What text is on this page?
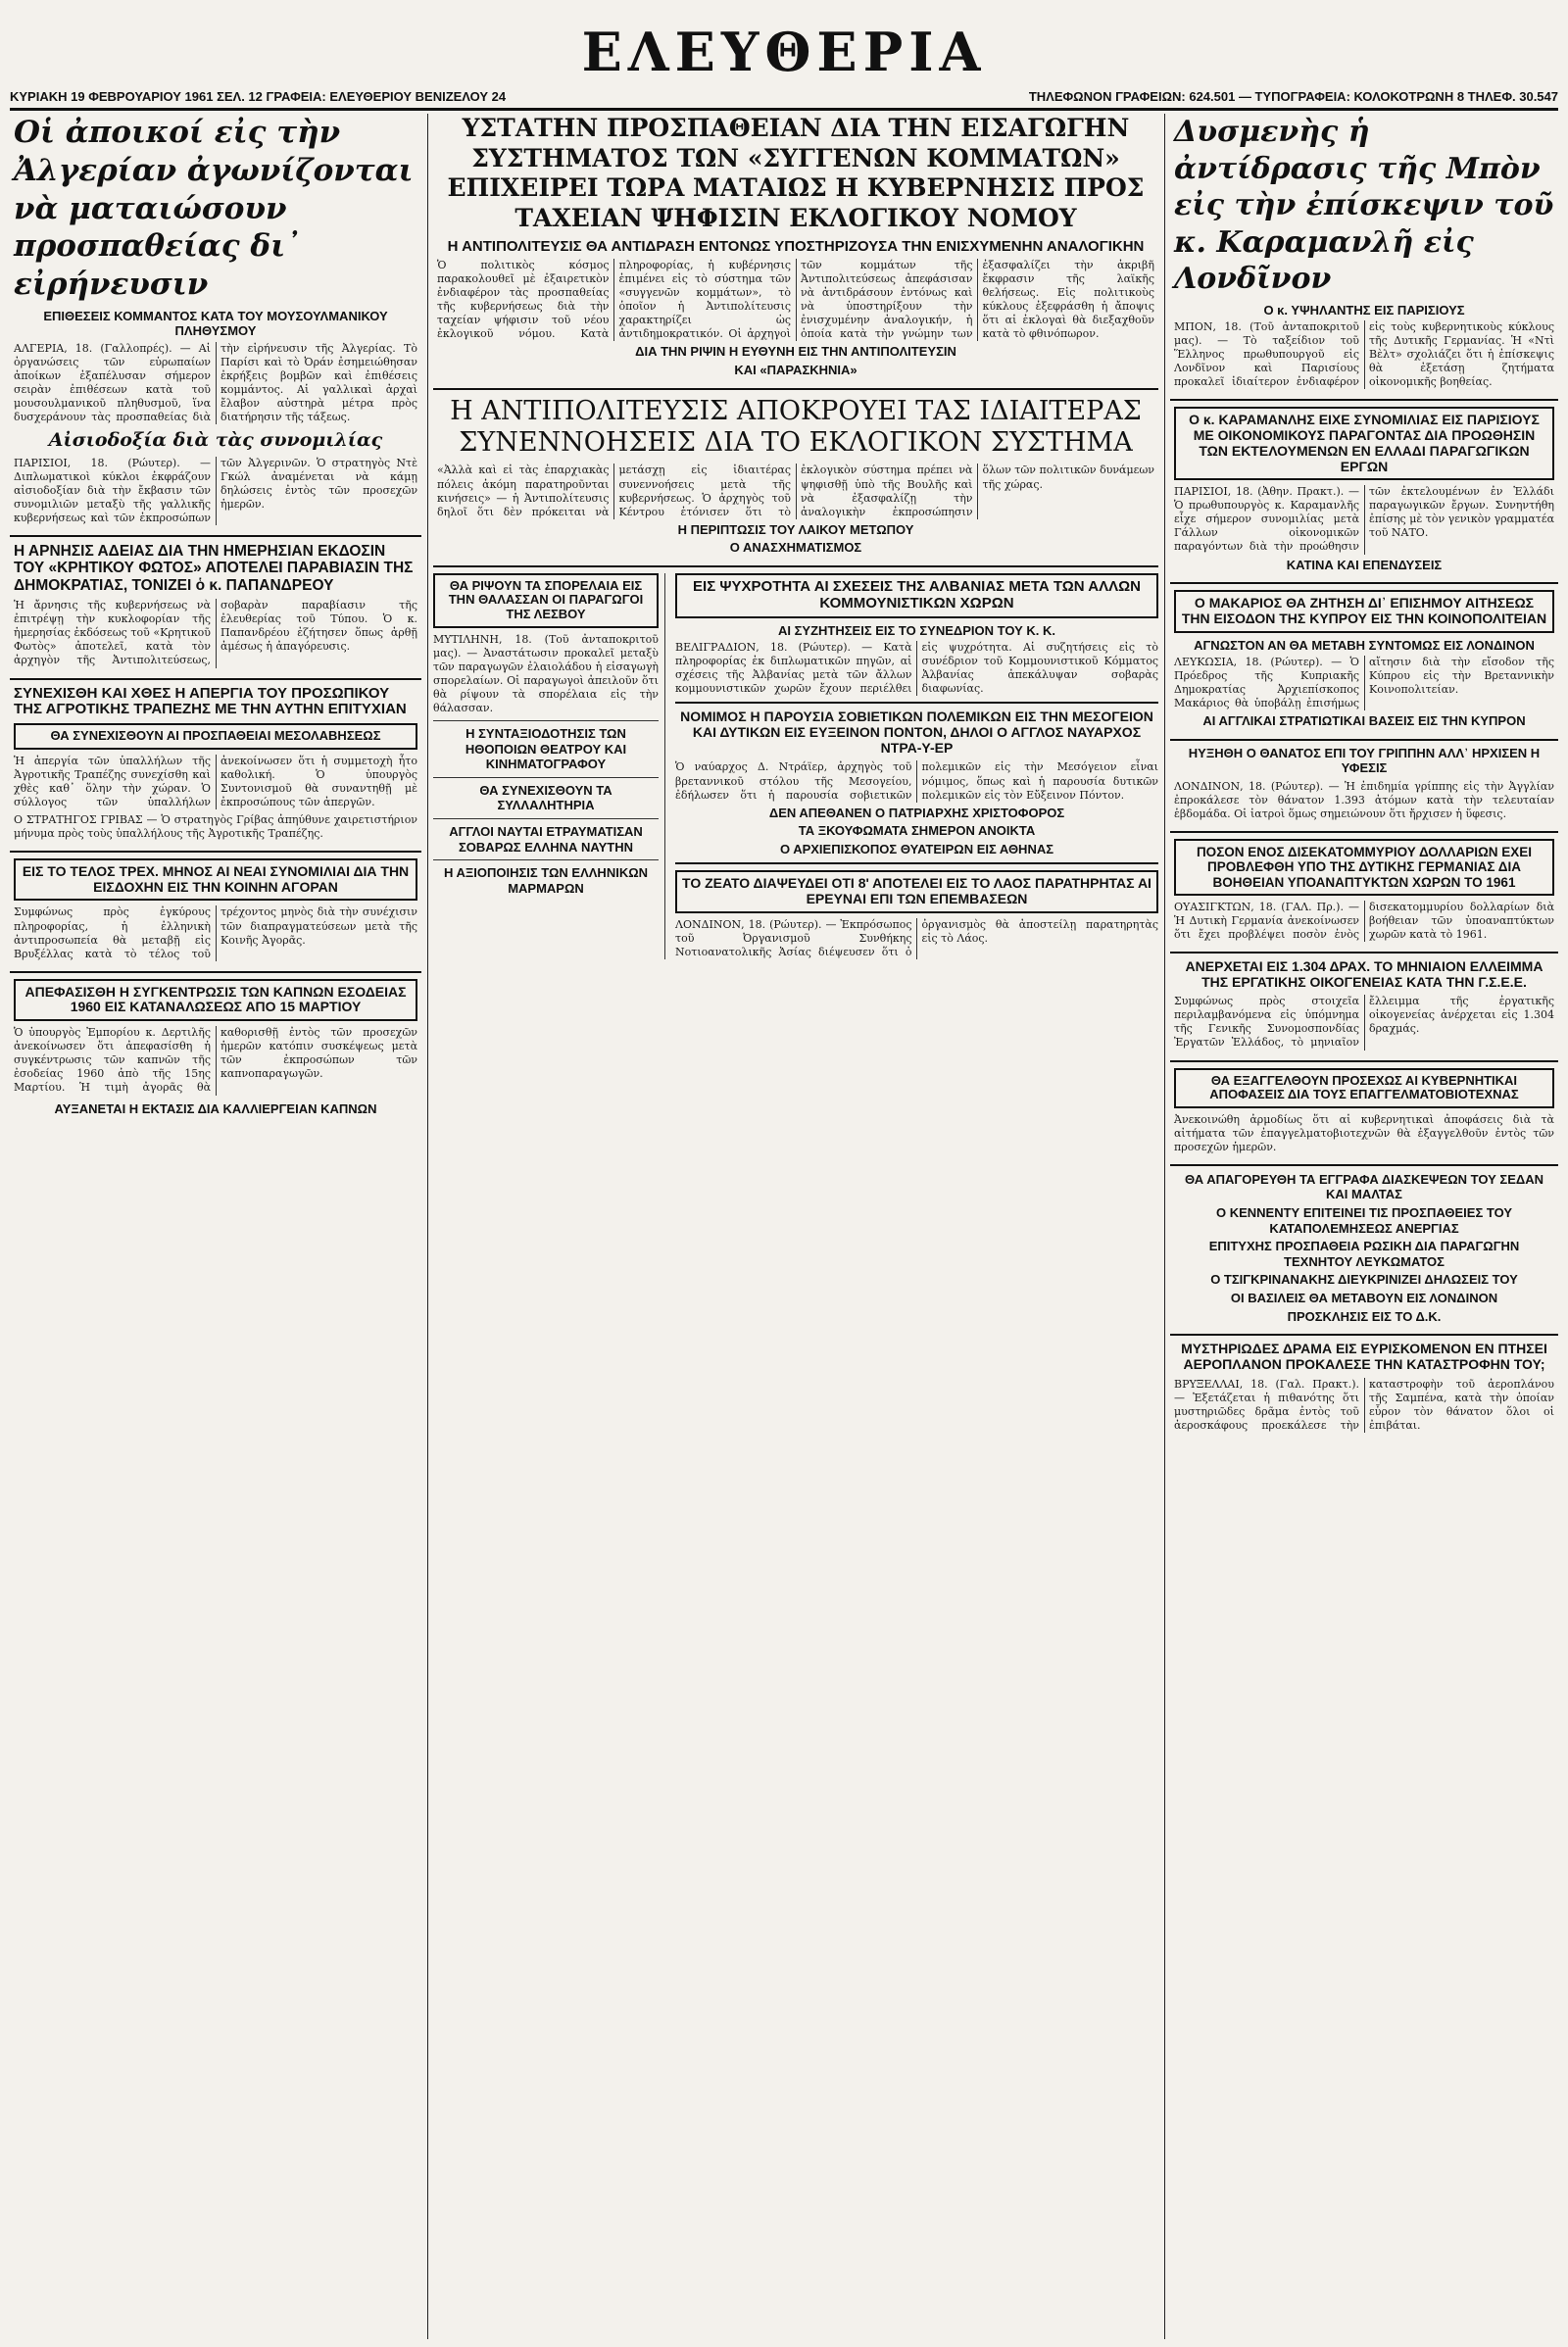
ΕΛΕΥΘΕΡΙΑ
ΚΥΡΙΑΚΗ 19 ΦΕΒΡΟΥΑΡΙΟΥ 1961 ΣΕΛ. 12 ΓΡΑΦΕΙΑ: ΕΛΕΥΘΕΡΙΟΥ ΒΕΝΙΖΕΛΟΥ 24	ΤΗΛΕΦΩΝΟΝ ΓΡΑΦΕΙΩΝ: 624.501 — ΤΥΠΟΓΡΑΦΕΙΑ: ΚΟΛΟΚΟΤΡΩΝΗ 8 ΤΗΛΕΦ. 30.547
Οἱ ἀποικοί εἰς τὴν Ἀλγερίαν ἀγωνίζονται νὰ ματαιώσουν προσπαθείας δι᾽ εἰρήνευσιν
ΕΠΙΘΕΣΕΙΣ ΚΟΜΜΑΝΤΟΣ ΚΑΤΑ ΤΟΥ ΜΟΥΣΟΥΛΜΑΝΙΚΟΥ ΠΛΗΘΥΣΜΟΥ

ΑΛΓΕΡΙΑ, 18. (Γαλλοπρές). — Αἱ ὀργανώσεις τῶν εὐρωπαίων ἀποίκων ἐξαπέλυσαν σήμερον σειρὰν ἐπιθέσεων κατὰ τοῦ μουσουλμανικοῦ πληθυσμοῦ, ἵνα δυσχεράνουν τὰς προσπαθείας διὰ τὴν εἰρήνευσιν τῆς Ἀλγερίας. Τὸ Παρίσι καὶ τὸ Ὀράν ἐσημειώθησαν ἐκρήξεις βομβῶν καὶ ἐπιθέσεις κομμάντος. Αἱ γαλλικαὶ ἀρχαὶ ἔλαβον αὐστηρὰ μέτρα πρὸς διατήρησιν τῆς τάξεως.

Αἰσιοδοξία διὰ τὰς συνομιλίας

ΠΑΡΙΣΙΟΙ, 18. (Ρώυτερ). — Διπλωματικοὶ κύκλοι ἐκφράζουν αἰσιοδοξίαν διὰ τὴν ἔκβασιν τῶν συνομιλιῶν μεταξὺ τῆς γαλλικῆς κυβερνήσεως καὶ τῶν ἐκπροσώπων τῶν Ἀλγερινῶν. Ὁ στρατηγὸς Ντὲ Γκώλ ἀναμένεται νὰ κάμῃ δηλώσεις ἐντὸς τῶν προσεχῶν ἡμερῶν.

Η ΑΡΝΗΣΙΣ ΑΔΕΙΑΣ ΔΙΑ ΤΗΝ ΗΜΕΡΗΣΙΑΝ ΕΚΔΟΣΙΝ ΤΟΥ «ΚΡΗΤΙΚΟΥ ΦΩΤΟΣ» ΑΠΟΤΕΛΕΙ ΠΑΡΑΒΙΑΣΙΝ ΤΗΣ ΔΗΜΟΚΡΑΤΙΑΣ, ΤΟΝΙΖΕΙ ὁ κ. ΠΑΠΑΝΔΡΕΟΥ

Ἡ ἄρνησις τῆς κυβερνήσεως νὰ ἐπιτρέψῃ τὴν κυκλοφορίαν τῆς ἡμερησίας ἐκδόσεως τοῦ «Κρητικοῦ Φωτὸς» ἀποτελεῖ, κατὰ τὸν ἀρχηγὸν τῆς Ἀντιπολιτεύσεως, σοβαρὰν παραβίασιν τῆς ἐλευθερίας τοῦ Τύπου. Ὁ κ. Παπανδρέου ἐζήτησεν ὅπως ἀρθῇ ἀμέσως ἡ ἀπαγόρευσις.

ΣΥΝΕΧΙΣΘΗ ΚΑΙ ΧΘΕΣ Η ΑΠΕΡΓΙΑ ΤΟΥ ΠΡΟΣΩΠΙΚΟΥ ΤΗΣ ΑΓΡΟΤΙΚΗΣ ΤΡΑΠΕΖΗΣ ΜΕ ΤΗΝ ΑΥΤΗΝ ΕΠΙΤΥΧΙΑΝ
ΘΑ ΣΥΝΕΧΙΣΘΟΥΝ ΑΙ ΠΡΟΣΠΑΘΕΙΑΙ ΜΕΣΟΛΑΒΗΣΕΩΣ

Ἡ ἀπεργία τῶν ὑπαλλήλων τῆς Ἀγροτικῆς Τραπέζης συνεχίσθη καὶ χθὲς καθ᾽ ὅλην τὴν χώραν. Ὁ σύλλογος τῶν ὑπαλλήλων ἀνεκοίνωσεν ὅτι ἡ συμμετοχὴ ἦτο καθολική. Ὁ ὑπουργὸς Συντονισμοῦ θὰ συναντηθῇ μὲ ἐκπροσώπους τῶν ἀπεργῶν.

Ο ΣΤΡΑΤΗΓΟΣ ΓΡΙΒΑΣ — Ὁ στρατηγὸς Γρίβας ἀπηύθυνε χαιρετιστήριον μήνυμα πρὸς τοὺς ὑπαλλήλους τῆς Ἀγροτικῆς Τραπέζης.

ΕΙΣ ΤΟ ΤΕΛΟΣ ΤΡΕΧ. ΜΗΝΟΣ ΑΙ ΝΕΑΙ ΣΥΝΟΜΙΛΙΑΙ ΔΙΑ ΤΗΝ ΕΙΣΔΟΧΗΝ ΕΙΣ ΤΗΝ ΚΟΙΝΗΝ ΑΓΟΡΑΝ

Συμφώνως πρὸς ἐγκύρους πληροφορίας, ἡ ἐλληνικὴ ἀντιπροσωπεία θὰ μεταβῇ εἰς Βρυξέλλας κατὰ τὸ τέλος τοῦ τρέχοντος μηνὸς διὰ τὴν συνέχισιν τῶν διαπραγματεύσεων μετὰ τῆς Κοινῆς Ἀγορᾶς.

ΑΠΕΦΑΣΙΣΘΗ Η ΣΥΓΚΕΝΤΡΩΣΙΣ ΤΩΝ ΚΑΠΝΩΝ ΕΣΟΔΕΙΑΣ 1960 ΕΙΣ ΚΑΤΑΝΑΛΩΣΕΩΣ ΑΠΟ 15 ΜΑΡΤΙΟΥ

Ὁ ὑπουργὸς Ἐμπορίου κ. Δερτιλῆς ἀνεκοίνωσεν ὅτι ἀπεφασίσθη ἡ συγκέντρωσις τῶν καπνῶν τῆς ἐσοδείας 1960 ἀπὸ τῆς 15ης Μαρτίου. Ἡ τιμὴ ἀγορᾶς θὰ καθορισθῇ ἐντὸς τῶν προσεχῶν ἡμερῶν κατόπιν συσκέψεως μετὰ τῶν ἐκπροσώπων τῶν καπνοπαραγωγῶν.

ΑΥΞΑΝΕΤΑΙ Η ΕΚΤΑΣΙΣ ΔΙΑ ΚΑΛΛΙΕΡΓΕΙΑΝ ΚΑΠΝΩΝ
ΥΣΤΑΤΗΝ ΠΡΟΣΠΑΘΕΙΑΝ ΔΙΑ ΤΗΝ ΕΙΣΑΓΩΓΗΝ ΣΥΣΤΗΜΑΤΟΣ ΤΩΝ «ΣΥΓΓΕΝΩΝ ΚΟΜΜΑΤΩΝ» ΕΠΙΧΕΙΡΕΙ ΤΩΡΑ ΜΑΤΑΙΩΣ Η ΚΥΒΕΡΝΗΣΙΣ ΠΡΟΣ ΤΑΧΕΙΑΝ ΨΗΦΙΣΙΝ ΕΚΛΟΓΙΚΟΥ ΝΟΜΟΥ
Η ΑΝΤΙΠΟΛΙΤΕΥΣΙΣ ΘΑ ΑΝΤΙΔΡΑΣΗ ΕΝΤΟΝΩΣ ΥΠΟΣΤΗΡΙΖΟΥΣΑ ΤΗΝ ΕΝΙΣΧΥΜΕΝΗΝ ΑΝΑΛΟΓΙΚΗΝ

Ὁ πολιτικὸς κόσμος παρακολουθεῖ μὲ ἐξαιρετικὸν ἐνδιαφέρον τὰς προσπαθείας τῆς κυβερνήσεως διὰ τὴν ταχείαν ψήφισιν τοῦ νέου ἐκλογικοῦ νόμου. Κατὰ πληροφορίας, ἡ κυβέρνησις ἐπιμένει εἰς τὸ σύστημα τῶν «συγγενῶν κομμάτων», τὸ ὁποῖον ἡ Ἀντιπολίτευσις χαρακτηρίζει ὡς ἀντιδημοκρατικόν. Οἱ ἀρχηγοὶ τῶν κομμάτων τῆς Ἀντιπολιτεύσεως ἀπεφάσισαν νὰ ἀντιδράσουν ἐντόνως καὶ νὰ ὑποστηρίξουν τὴν ἐνισχυμένην ἀναλογικήν, ἡ ὁποία κατὰ τὴν γνώμην των ἐξασφαλίζει τὴν ἀκριβῆ ἔκφρασιν τῆς λαϊκῆς θελήσεως. Εἰς πολιτικοὺς κύκλους ἐξεφράσθη ἡ ἄποψις ὅτι αἱ ἐκλογαὶ θὰ διεξαχθοῦν κατὰ τὸ φθινόπωρον.

ΔΙΑ ΤΗΝ ΡΙΨΙΝ Η ΕΥΘΥΝΗ ΕΙΣ ΤΗΝ ΑΝΤΙΠΟΛΙΤΕΥΣΙΝ
ΚΑΙ «ΠΑΡΑΣΚΗΝΙΑ»
Η ΑΝΤΙΠΟΛΙΤΕΥΣΙΣ ΑΠΟΚΡΟΥΕΙ ΤΑΣ ΙΔΙΑΙΤΕΡΑΣ ΣΥΝΕΝΝΟΗΣΕΙΣ ΔΙΑ ΤΟ ΕΚΛΟΓΙΚΟΝ ΣΥΣΤΗΜΑ

«Ἀλλὰ καὶ εἰ τὰς ἐπαρχιακὰς πόλεις ἀκόμη παρατηροῦνται κινήσεις» — ἡ Ἀντιπολίτευσις δηλοῖ ὅτι δὲν πρόκειται νὰ μετάσχῃ εἰς ἰδιαιτέρας συνεννοήσεις μετὰ τῆς κυβερνήσεως. Ὁ ἀρχηγὸς τοῦ Κέντρου ἐτόνισεν ὅτι τὸ ἐκλογικὸν σύστημα πρέπει νὰ ψηφισθῇ ὑπὸ τῆς Βουλῆς καὶ νὰ ἐξασφαλίζῃ τὴν ἀναλογικὴν ἐκπροσώπησιν ὅλων τῶν πολιτικῶν δυνάμεων τῆς χώρας.

Η ΠΕΡΙΠΤΩΣΙΣ ΤΟΥ ΛΑΙΚΟΥ ΜΕΤΩΠΟΥ
Ο ΑΝΑΣΧΗΜΑΤΙΣΜΟΣ
ΘΑ ΡΙΨΟΥΝ ΤΑ ΣΠΟΡΕΛΑΙΑ ΕΙΣ ΤΗΝ ΘΑΛΑΣΣΑΝ ΟΙ ΠΑΡΑΓΩΓΟΙ ΤΗΣ ΛΕΣΒΟΥ

ΜΥΤΙΛΗΝΗ, 18. (Τοῦ ἀνταποκριτοῦ μας). — Ἀναστάτωσιν προκαλεῖ μεταξὺ τῶν παραγωγῶν ἐλαιολάδου ἡ εἰσαγωγὴ σπορελαίων. Οἱ παραγωγοὶ ἀπειλοῦν ὅτι θὰ ρίψουν τὰ σπορέλαια εἰς τὴν θάλασσαν.

Η ΣΥΝΤΑΞΙΟΔΟΤΗΣΙΣ ΤΩΝ ΗΘΟΠΟΙΩΝ ΘΕΑΤΡΟΥ ΚΑΙ ΚΙΝΗΜΑΤΟΓΡΑΦΟΥ
ΘΑ ΣΥΝΕΧΙΣΘΟΥΝ ΤΑ ΣΥΛΛΑΛΗΤΗΡΙΑ
ΑΓΓΛΟΙ ΝΑΥΤΑΙ ΕΤΡΑΥΜΑΤΙΣΑΝ ΣΟΒΑΡΩΣ ΕΛΛΗΝΑ ΝΑΥΤΗΝ
Η ΑΞΙΟΠΟΙΗΣΙΣ ΤΩΝ ΕΛΛΗΝΙΚΩΝ ΜΑΡΜΑΡΩΝ
ΕΙΣ ΨΥΧΡΟΤΗΤΑ ΑΙ ΣΧΕΣΕΙΣ ΤΗΣ ΑΛΒΑΝΙΑΣ ΜΕΤΑ ΤΩΝ ΑΛΛΩΝ ΚΟΜΜΟΥΝΙΣΤΙΚΩΝ ΧΩΡΩΝ
ΑΙ ΣΥΖΗΤΗΣΕΙΣ ΕΙΣ ΤΟ ΣΥΝΕΔΡΙΟΝ ΤΟΥ Κ. Κ.

ΒΕΛΙΓΡΑΔΙΟΝ, 18. (Ρώυτερ). — Κατὰ πληροφορίας ἐκ διπλωματικῶν πηγῶν, αἱ σχέσεις τῆς Ἀλβανίας μετὰ τῶν ἄλλων κομμουνιστικῶν χωρῶν ἔχουν περιέλθει εἰς ψυχρότητα. Αἱ συζητήσεις εἰς τὸ συνέδριον τοῦ Κομμουνιστικοῦ Κόμματος Ἀλβανίας ἀπεκάλυψαν σοβαρὰς διαφωνίας.

ΝΟΜΙΜΟΣ Η ΠΑΡΟΥΣΙΑ ΣΟΒΙΕΤΙΚΩΝ ΠΟΛΕΜΙΚΩΝ ΕΙΣ ΤΗΝ ΜΕΣΟΓΕΙΟΝ ΚΑΙ ΔΥΤΙΚΩΝ ΕΙΣ ΕΥΞΕΙΝΟΝ ΠΟΝΤΟΝ, ΔΗΛΟΙ Ο ΑΓΓΛΟΣ ΝΑΥΑΡΧΟΣ ΝΤΡΑ-Υ-ΕΡ

Ὁ ναύαρχος Δ. Ντράϊερ, ἀρχηγὸς τοῦ βρεταννικοῦ στόλου τῆς Μεσογείου, ἐδήλωσεν ὅτι ἡ παρουσία σοβιετικῶν πολεμικῶν εἰς τὴν Μεσόγειον εἶναι νόμιμος, ὅπως καὶ ἡ παρουσία δυτικῶν πολεμικῶν εἰς τὸν Εὔξεινον Πόντον.

ΔΕΝ ΑΠΕΘΑΝΕΝ Ο ΠΑΤΡΙΑΡΧΗΣ ΧΡΙΣΤΟΦΟΡΟΣ
ΤΑ ΞΚΟΥΦΩΜΑΤΑ ΣΗΜΕΡΟΝ ΑΝΟΙΚΤΑ
Ο ΑΡΧΙΕΠΙΣΚΟΠΟΣ ΘΥΑΤΕΙΡΩΝ ΕΙΣ ΑΘΗΝΑΣ
ΤΟ ΖΕΑΤΟ ΔΙΑΨΕΥΔΕΙ ΟΤΙ 8' ΑΠΟΤΕΛΕΙ ΕΙΣ ΤΟ ΛΑΟΣ ΠΑΡΑΤΗΡΗΤΑΣ ΑΙ ΕΡΕΥΝΑΙ ΕΠΙ ΤΩΝ ΕΠΕΜΒΑΣΕΩΝ

ΛΟΝΔΙΝΟΝ, 18. (Ρώυτερ). — Ἐκπρόσωπος τοῦ Ὀργανισμοῦ Συνθήκης Νοτιοανατολικῆς Ἀσίας διέψευσεν ὅτι ὁ ὀργανισμὸς θὰ ἀποστείλῃ παρατηρητὰς εἰς τὸ Λάος.

Δυσμενὴς ἡ ἀντίδρασις τῆς Μπὸν εἰς τὴν ἐπίσκεψιν τοῦ κ. Καραμανλῆ εἰς Λονδῖνον
Ο κ. ΥΨΗΛΑΝΤΗΣ ΕΙΣ ΠΑΡΙΣΙΟΥΣ

ΜΠΟΝ, 18. (Τοῦ ἀνταποκριτοῦ μας). — Τὸ ταξείδιον τοῦ Ἕλληνος πρωθυπουργοῦ εἰς Λονδῖνον καὶ Παρισίους προκαλεῖ ἰδιαίτερον ἐνδιαφέρον εἰς τοὺς κυβερνητικοὺς κύκλους τῆς Δυτικῆς Γερμανίας. Ἡ «Ντὶ Βὲλτ» σχολιάζει ὅτι ἡ ἐπίσκεψις θὰ ἐξετάσῃ ζητήματα οἰκονομικῆς βοηθείας.

Ο κ. ΚΑΡΑΜΑΝΛΗΣ ΕΙΧΕ ΣΥΝΟΜΙΛΙΑΣ ΕΙΣ ΠΑΡΙΣΙΟΥΣ ΜΕ ΟΙΚΟΝΟΜΙΚΟΥΣ ΠΑΡΑΓΟΝΤΑΣ ΔΙΑ ΠΡΟΩΘΗΣΙΝ ΤΩΝ ΕΚΤΕΛΟΥΜΕΝΩΝ ΕΝ ΕΛΛΑΔΙ ΠΑΡΑΓΩΓΙΚΩΝ ΕΡΓΩΝ

ΠΑΡΙΣΙΟΙ, 18. (Ἀθην. Πρακτ.). — Ὁ πρωθυπουργὸς κ. Καραμανλῆς εἶχε σήμερον συνομιλίας μετὰ Γάλλων οἰκονομικῶν παραγόντων διὰ τὴν προώθησιν τῶν ἐκτελουμένων ἐν Ἑλλάδι παραγωγικῶν ἔργων. Συνηντήθη ἐπίσης μὲ τὸν γενικὸν γραμματέα τοῦ ΝΑΤΟ.

ΚΑΤΙΝΑ ΚΑΙ ΕΠΕΝΔΥΣΕΙΣ
Ο ΜΑΚΑΡΙΟΣ ΘΑ ΖΗΤΗΣΗ ΔΙ᾽ ΕΠΙΣΗΜΟΥ ΑΙΤΗΣΕΩΣ ΤΗΝ ΕΙΣΟΔΟΝ ΤΗΣ ΚΥΠΡΟΥ ΕΙΣ ΤΗΝ ΚΟΙΝΟΠΟΛΙΤΕΙΑΝ
ΑΓΝΩΣΤΟΝ ΑΝ ΘΑ ΜΕΤΑΒΗ ΣΥΝΤΟΜΩΣ ΕΙΣ ΛΟΝΔΙΝΟΝ

ΛΕΥΚΩΣΙΑ, 18. (Ρώυτερ). — Ὁ Πρόεδρος τῆς Κυπριακῆς Δημοκρατίας Ἀρχιεπίσκοπος Μακάριος θὰ ὑποβάλῃ ἐπισήμως αἴτησιν διὰ τὴν εἴσοδον τῆς Κύπρου εἰς τὴν Βρεταννικὴν Κοινοπολιτείαν.

ΑΙ ΑΓΓΛΙΚΑΙ ΣΤΡΑΤΙΩΤΙΚΑΙ ΒΑΣΕΙΣ ΕΙΣ ΤΗΝ ΚΥΠΡΟΝ
ΗΥΞΗΘΗ Ο ΘΑΝΑΤΟΣ ΕΠΙ ΤΟΥ ΓΡΙΠΠΗΝ ΑΛΛ᾽ ΗΡΧΙΣΕΝ Η ΥΦΕΣΙΣ

ΛΟΝΔΙΝΟΝ, 18. (Ρώυτερ). — Ἡ ἐπιδημία γρίππης εἰς τὴν Ἀγγλίαν ἐπροκάλεσε τὸν θάνατον 1.393 ἀτόμων κατὰ τὴν τελευταίαν ἑβδομάδα. Οἱ ἰατροὶ ὅμως σημειώνουν ὅτι ἤρχισεν ἡ ὕφεσις.

ΠΟΣΟΝ ΕΝΟΣ ΔΙΣΕΚΑΤΟΜΜΥΡΙΟΥ ΔΟΛΛΑΡΙΩΝ ΕΧΕΙ ΠΡΟΒΛΕΦΘΗ ΥΠΟ ΤΗΣ ΔΥΤΙΚΗΣ ΓΕΡΜΑΝΙΑΣ ΔΙΑ ΒΟΗΘΕΙΑΝ ΥΠΟΑΝΑΠΤΥΚΤΩΝ ΧΩΡΩΝ ΤΟ 1961

ΟΥΑΣΙΓΚΤΩΝ, 18. (ΓΑΛ. Πρ.). — Ἡ Δυτικὴ Γερμανία ἀνεκοίνωσεν ὅτι ἔχει προβλέψει ποσὸν ἑνὸς δισεκατομμυρίου δολλαρίων διὰ βοήθειαν τῶν ὑποαναπτύκτων χωρῶν κατὰ τὸ 1961.

ΑΝΕΡΧΕΤΑΙ ΕΙΣ 1.304 ΔΡΑΧ. ΤΟ ΜΗΝΙΑΙΟΝ ΕΛΛΕΙΜΜΑ ΤΗΣ ΕΡΓΑΤΙΚΗΣ ΟΙΚΟΓΕΝΕΙΑΣ ΚΑΤΑ ΤΗΝ Γ.Σ.Ε.Ε.

Συμφώνως πρὸς στοιχεῖα περιλαμβανόμενα εἰς ὑπόμνημα τῆς Γενικῆς Συνομοσπονδίας Ἐργατῶν Ἑλλάδος, τὸ μηνιαῖον ἔλλειμμα τῆς ἐργατικῆς οἰκογενείας ἀνέρχεται εἰς 1.304 δραχμάς.

ΘΑ ΕΞΑΓΓΕΛΘΟΥΝ ΠΡΟΣΕΧΩΣ ΑΙ ΚΥΒΕΡΝΗΤΙΚΑΙ ΑΠΟΦΑΣΕΙΣ ΔΙΑ ΤΟΥΣ ΕΠΑΓΓΕΛΜΑΤΟΒΙΟΤΕΧΝΑΣ

Ἀνεκοινώθη ἀρμοδίως ὅτι αἱ κυβερνητικαὶ ἀποφάσεις διὰ τὰ αἰτήματα τῶν ἐπαγγελματοβιοτεχνῶν θὰ ἐξαγγελθοῦν ἐντὸς τῶν προσεχῶν ἡμερῶν.

ΘΑ ΑΠΑΓΟΡΕΥΘΗ ΤΑ ΕΓΓΡΑΦΑ ΔΙΑΣΚΕΨΕΩΝ ΤΟΥ ΣΕΔΑΝ ΚΑΙ ΜΑΛΤΑΣ
Ο ΚΕΝΝΕΝΤΥ ΕΠΙΤΕΙΝΕΙ ΤΙΣ ΠΡΟΣΠΑΘΕΙΕΣ ΤΟΥ ΚΑΤΑΠΟΛΕΜΗΣΕΩΣ ΑΝΕΡΓΙΑΣ
ΕΠΙΤΥΧΗΣ ΠΡΟΣΠΑΘΕΙΑ ΡΩΣΙΚΗ ΔΙΑ ΠΑΡΑΓΩΓΗΝ ΤΕΧΝΗΤΟΥ ΛΕΥΚΩΜΑΤΟΣ
Ο ΤΣΙΓΚΡΙΝΑΝΑΚΗΣ ΔΙΕΥΚΡΙΝΙΖΕΙ ΔΗΛΩΣΕΙΣ ΤΟΥ
ΟΙ ΒΑΣΙΛΕΙΣ ΘΑ ΜΕΤΑΒΟΥΝ ΕΙΣ ΛΟΝΔΙΝΟΝ
ΠΡΟΣΚΛΗΣΙΣ ΕΙΣ ΤΟ Δ.Κ.
ΜΥΣΤΗΡΙΩΔΕΣ ΔΡΑΜΑ ΕΙΣ ΕΥΡΙΣΚΟΜΕΝΟΝ ΕΝ ΠΤΗΣΕΙ ΑΕΡΟΠΛΑΝΟΝ ΠΡΟΚΑΛΕΣΕ ΤΗΝ ΚΑΤΑΣΤΡΟΦΗΝ ΤΟΥ;

ΒΡΥΞΕΛΛΑΙ, 18. (Γαλ. Πρακτ.). — Ἐξετάζεται ἡ πιθανότης ὅτι μυστηριῶδες δρᾶμα ἐντὸς τοῦ ἀεροσκάφους προεκάλεσε τὴν καταστροφὴν τοῦ ἀεροπλάνου τῆς Σαμπένα, κατὰ τὴν ὁποίαν εὗρον τὸν θάνατον ὅλοι οἱ ἐπιβάται.
